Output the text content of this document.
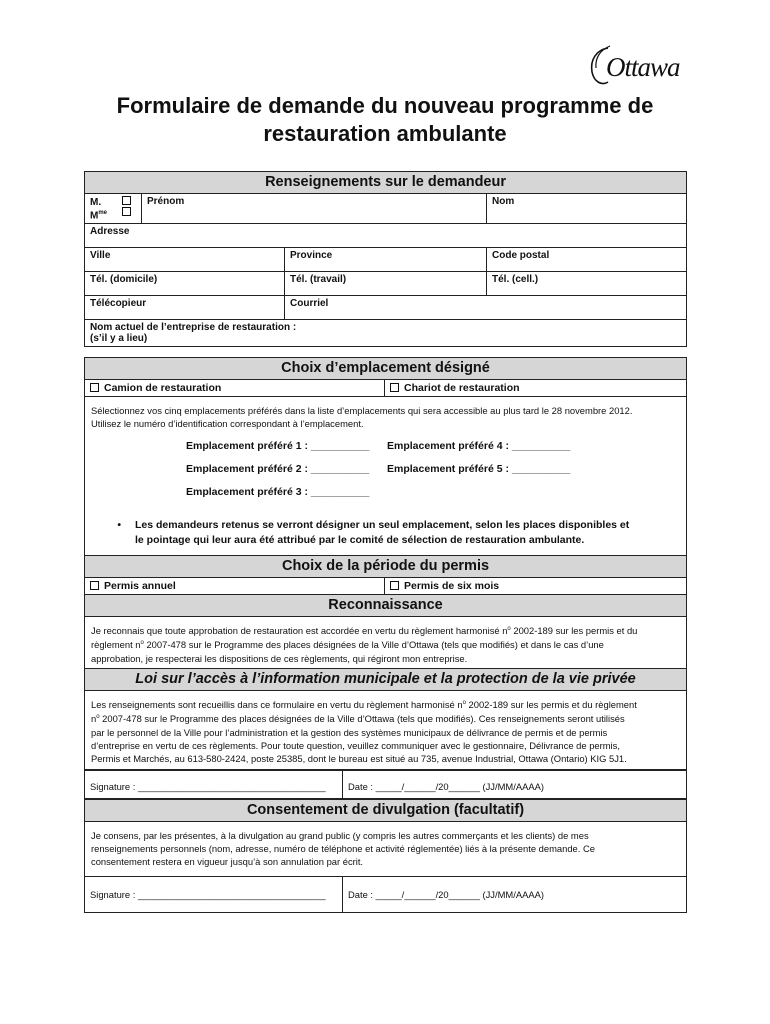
Ottawa
Formulaire de demande du nouveau programme de
restauration ambulante
Renseignements sur le demandeur			

M.
$M^{me}$	Prénom		Nom
Adresse			
Ville		Province	Code postal
Tél. (domicile)		Tél. (travail)	Tél. (cell.)
Télécopieur		Courriel	

Nom actuel de l’entreprise de restauration :
(s’il y a lieu)			
Choix d’emplacement désigné
Camion de restauration	Chariot de restauration

Sélectionnez vos cinq emplacements préférés dans la liste d’emplacements qui sera accessible au plus tard le 28 novembre 2012.
Utilisez le numéro d’identification correspondant à l’emplacement.
Emplacement préféré 1 : __________ Emplacement préféré 4 : __________
Emplacement préféré 2 : __________ Emplacement préféré 5 : __________
Emplacement préféré 3 : __________
•	Les demandeurs retenus se verront désigner un seul emplacement, selon les places disponibles et
le pointage qui leur aura été attribué par le comité de sélection de restauration ambulante.
Choix de la période du permis
Permis annuel	Permis de six mois
Reconnaissance

Je reconnais que toute approbation de restauration est accordée en vertu du règlement harmonisé $n^o$ 2002-189 sur les permis et du
règlement $n^o$ 2007-478 sur le Programme des places désignées de la Ville d’Ottawa (tels que modifiés) et dans le cas d’une
approbation, je respecterai les dispositions de ces règlements, qui régiront mon entreprise.

Loi sur l’accès à l’information municipale et la protection de la vie privée

Les renseignements sont recueillis dans ce formulaire en vertu du règlement harmonisé $n^o$ 2002-189 sur les permis et du règlement
$n^o$ 2007-478 sur le Programme des places désignées de la Ville d’Ottawa (tels que modifiés). Ces renseignements seront utilisés
par le personnel de la Ville pour l’administration et la gestion des systèmes municipaux de délivrance de permis et de permis
d’entreprise en vertu de ces règlements. Pour toute question, veuillez communiquer avec le gestionnaire, Délivrance de permis,
Permis et Marchés, au 613-580-2424, poste 25385, dont le bureau est situé au 735, avenue Industrial, Ottawa (Ontario) KIG 5J1.
Signature : ____________________________________	Date : _____/______/20______ (JJ/MM/AAAA)
Consentement de divulgation (facultatif)

Je consens, par les présentes, à la divulgation au grand public (y compris les autres commerçants et les clients) de mes
renseignements personnels (nom, adresse, numéro de téléphone et activité réglementée) liés à la présente demande. Ce
consentement restera en vigueur jusqu’à son annulation par écrit.

Signature : ____________________________________	Date : _____/______/20______ (JJ/MM/AAAA)
